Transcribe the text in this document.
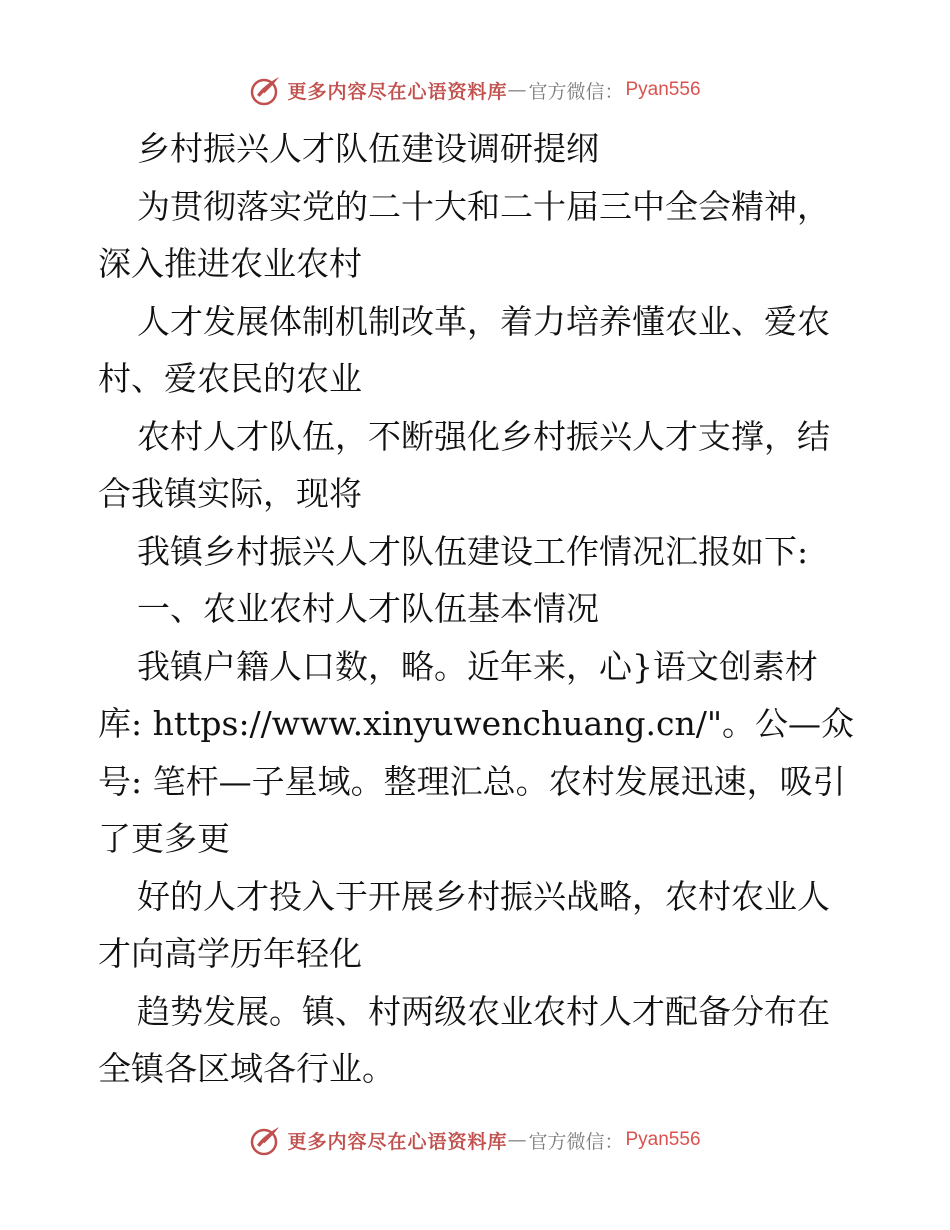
更多内容尽在心语资料库 — 官方微信： Pyan556

乡村振兴人才队伍建设调研提纲

为贯彻落实党的二十大和二十届三中全会精神，深入推进农业农村

人才发展体制机制改革，着力培养懂农业、爱农村、爱农民的农业

农村人才队伍，不断强化乡村振兴人才支撑，结合我镇实际，现将

我镇乡村振兴人才队伍建设工作情况汇报如下:

一、农业农村人才队伍基本情况

我镇户籍人口数，略。近年来，心}语文创素材库: https://www.xinyuwenchuang.cn/"。公—众号: 笔杆—子星域。整理汇总。农村发展迅速，吸引了更多更

好的人才投入于开展乡村振兴战略，农村农业人才向高学历年轻化

趋势发展。镇、村两级农业农村人才配备分布在全镇各区域各行业。

更多内容尽在心语资料库 — 官方微信： Pyan556
